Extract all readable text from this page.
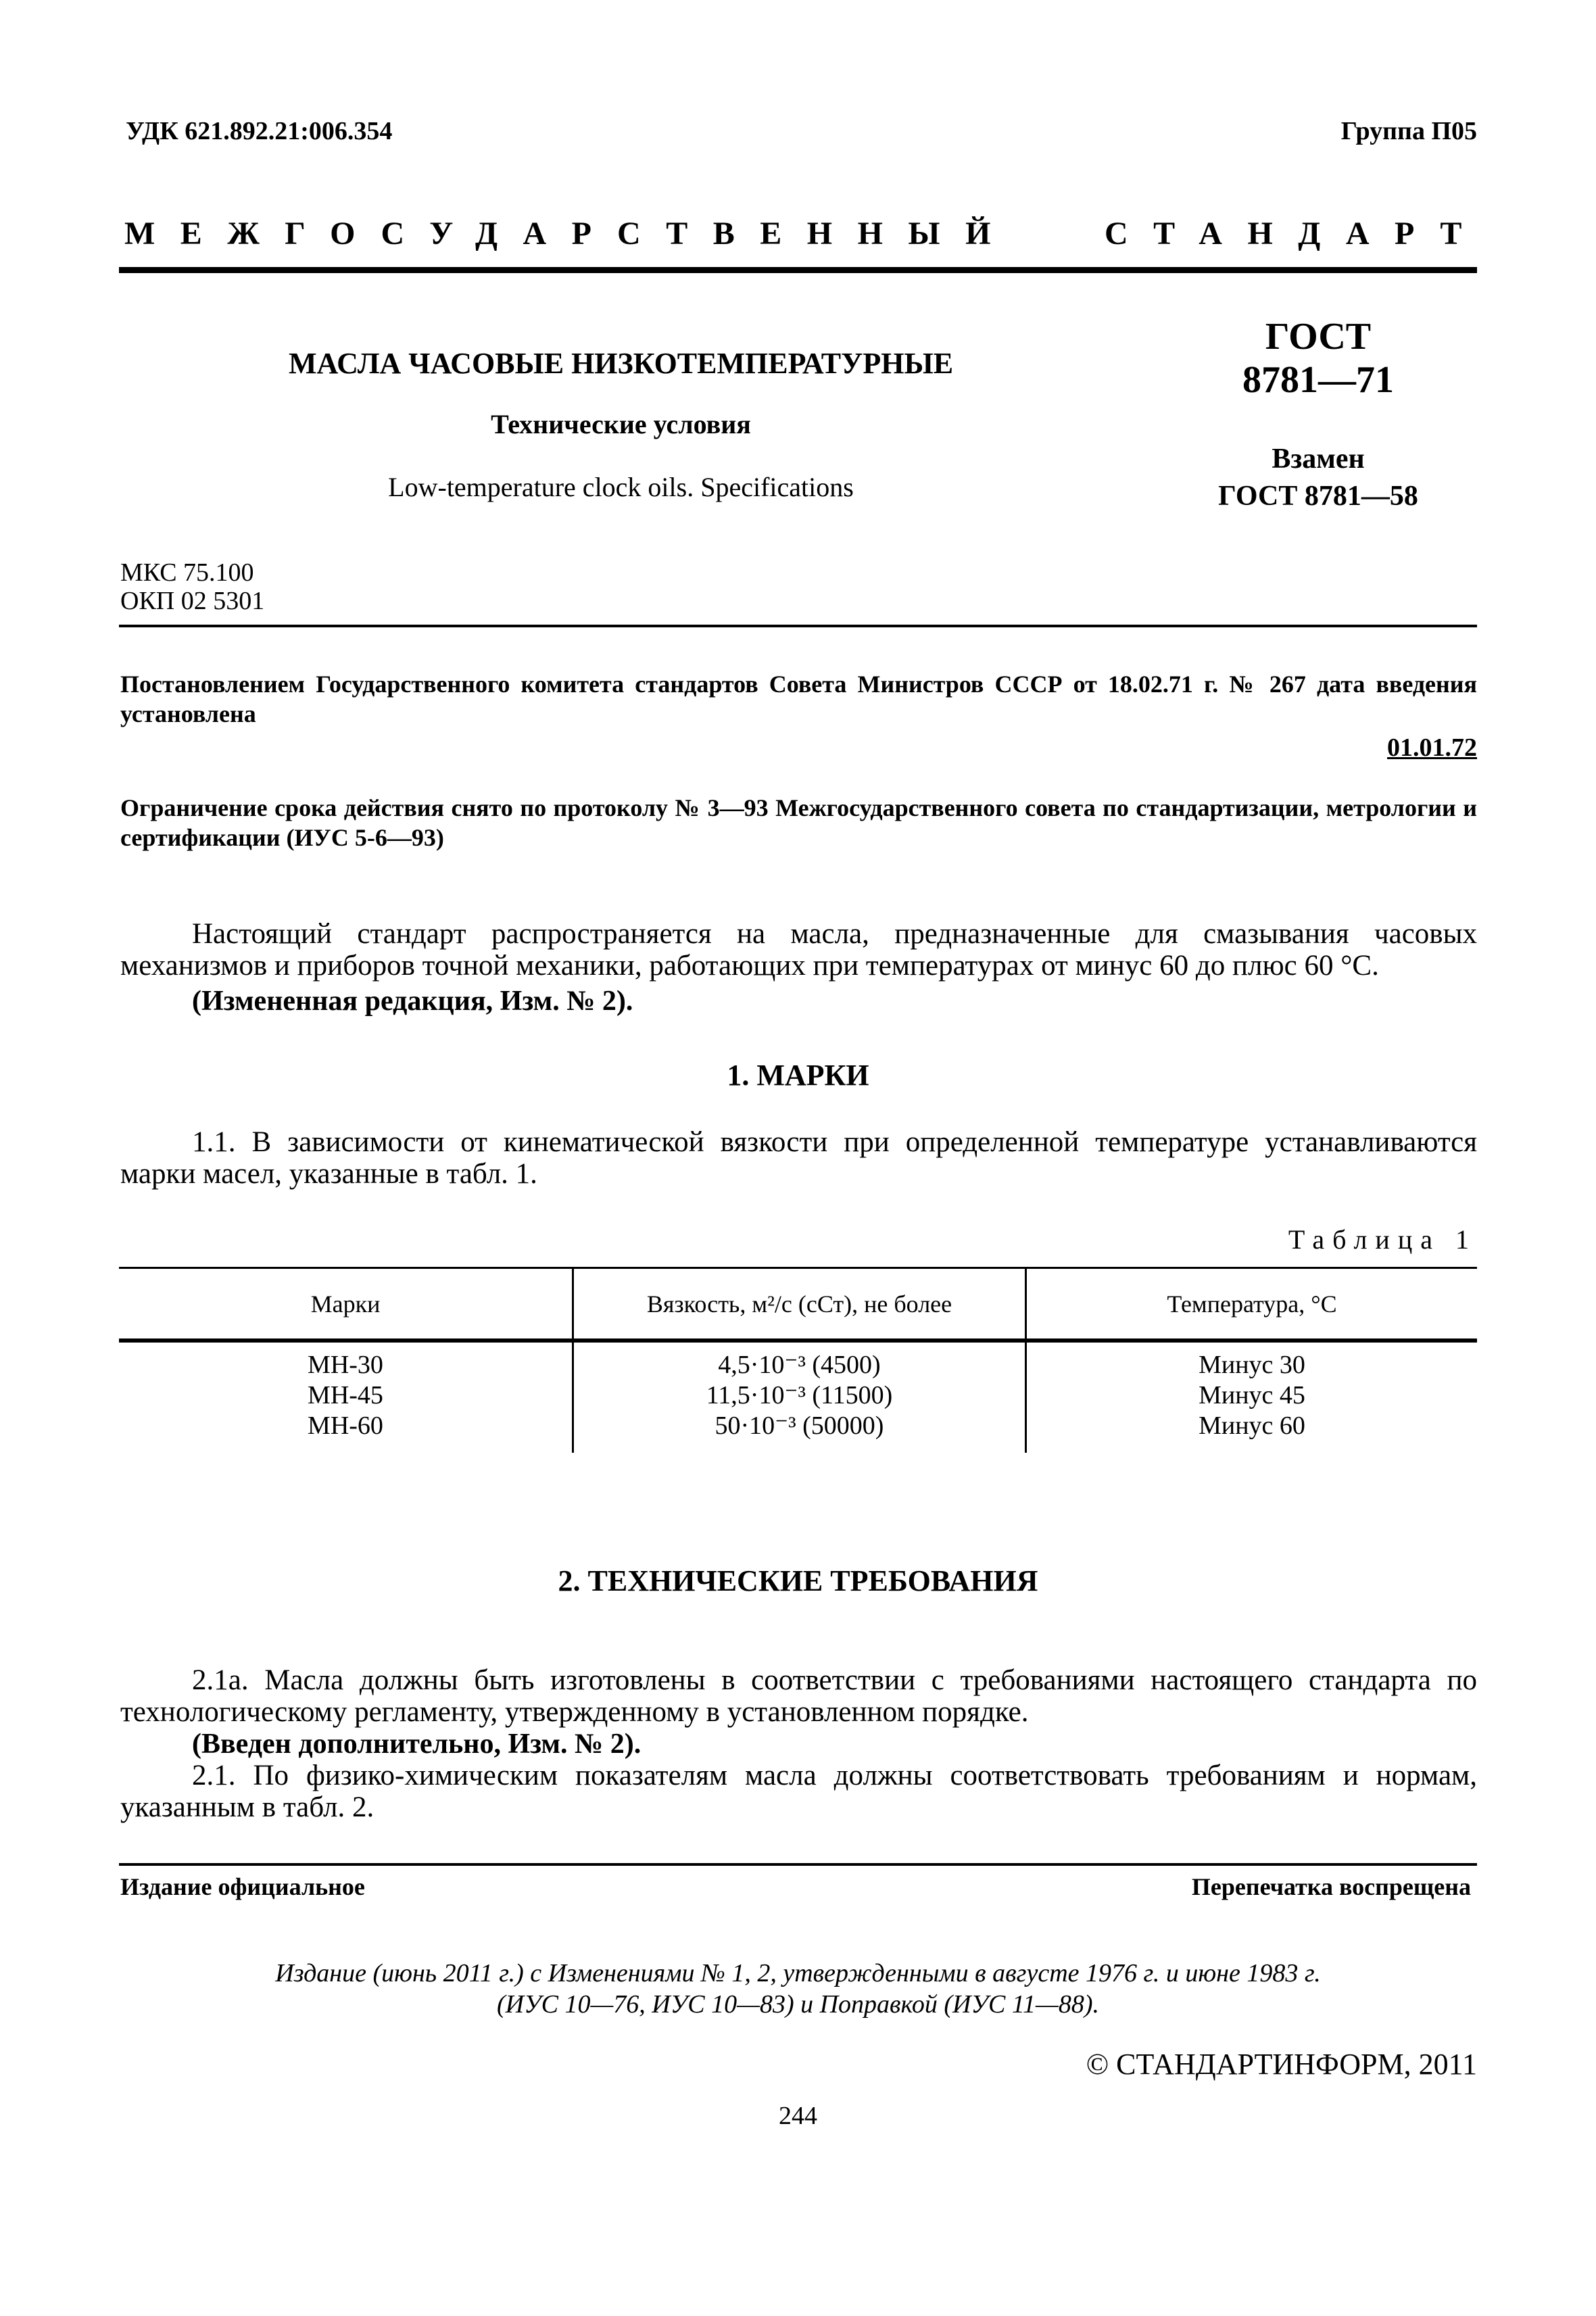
УДК 621.892.21:006.354	Группа П05
МЕЖГОСУДАРСТВЕННЫЙ	СТАНДАРТ
МАСЛА ЧАСОВЫЕ НИЗКОТЕМПЕРАТУРНЫЕ
Технические условия
Low-temperature clock oils. Specifications
ГОСТ
8781—71
Взамен
ГОСТ 8781—58
МКС 75.100
ОКП 02 5301
Постановлением Государственного комитета стандартов Совета Министров СССР от 18.02.71 г. № 267 дата введения установлена
01.01.72
Ограничение срока действия снято по протоколу № 3—93 Межгосударственного совета по стандартизации, метрологии и сертификации (ИУС 5-6—93)
Настоящий стандарт распространяется на масла, предназначенные для смазывания часовых механизмов и приборов точной механики, работающих при температурах от минус 60 до плюс 60 °С.
(Измененная редакция, Изм. № 2).
1. МАРКИ
1.1. В зависимости от кинематической вязкости при определенной температуре устанавливаются марки масел, указанные в табл. 1.
Таблица 1
Марки	Вязкость, м²/с (сСт), не более	Температура, °С
МН-30	4,5·10⁻³ (4500)	Минус 30
МН-45	11,5·10⁻³ (11500)	Минус 45
МН-60	50·10⁻³ (50000)	Минус 60
2. ТЕХНИЧЕСКИЕ ТРЕБОВАНИЯ
2.1а. Масла должны быть изготовлены в соответствии с требованиями настоящего стандарта по технологическому регламенту, утвержденному в установленном порядке.
(Введен дополнительно, Изм. № 2).
2.1. По физико-химическим показателям масла должны соответствовать требованиям и нормам, указанным в табл. 2.
Издание официальное	Перепечатка воспрещена
Издание (июнь 2011 г.) с Изменениями № 1, 2, утвержденными в августе 1976 г. и июне 1983 г.
(ИУС 10—76, ИУС 10—83) и Поправкой (ИУС 11—88).
© СТАНДАРТИНФОРМ, 2011
244
